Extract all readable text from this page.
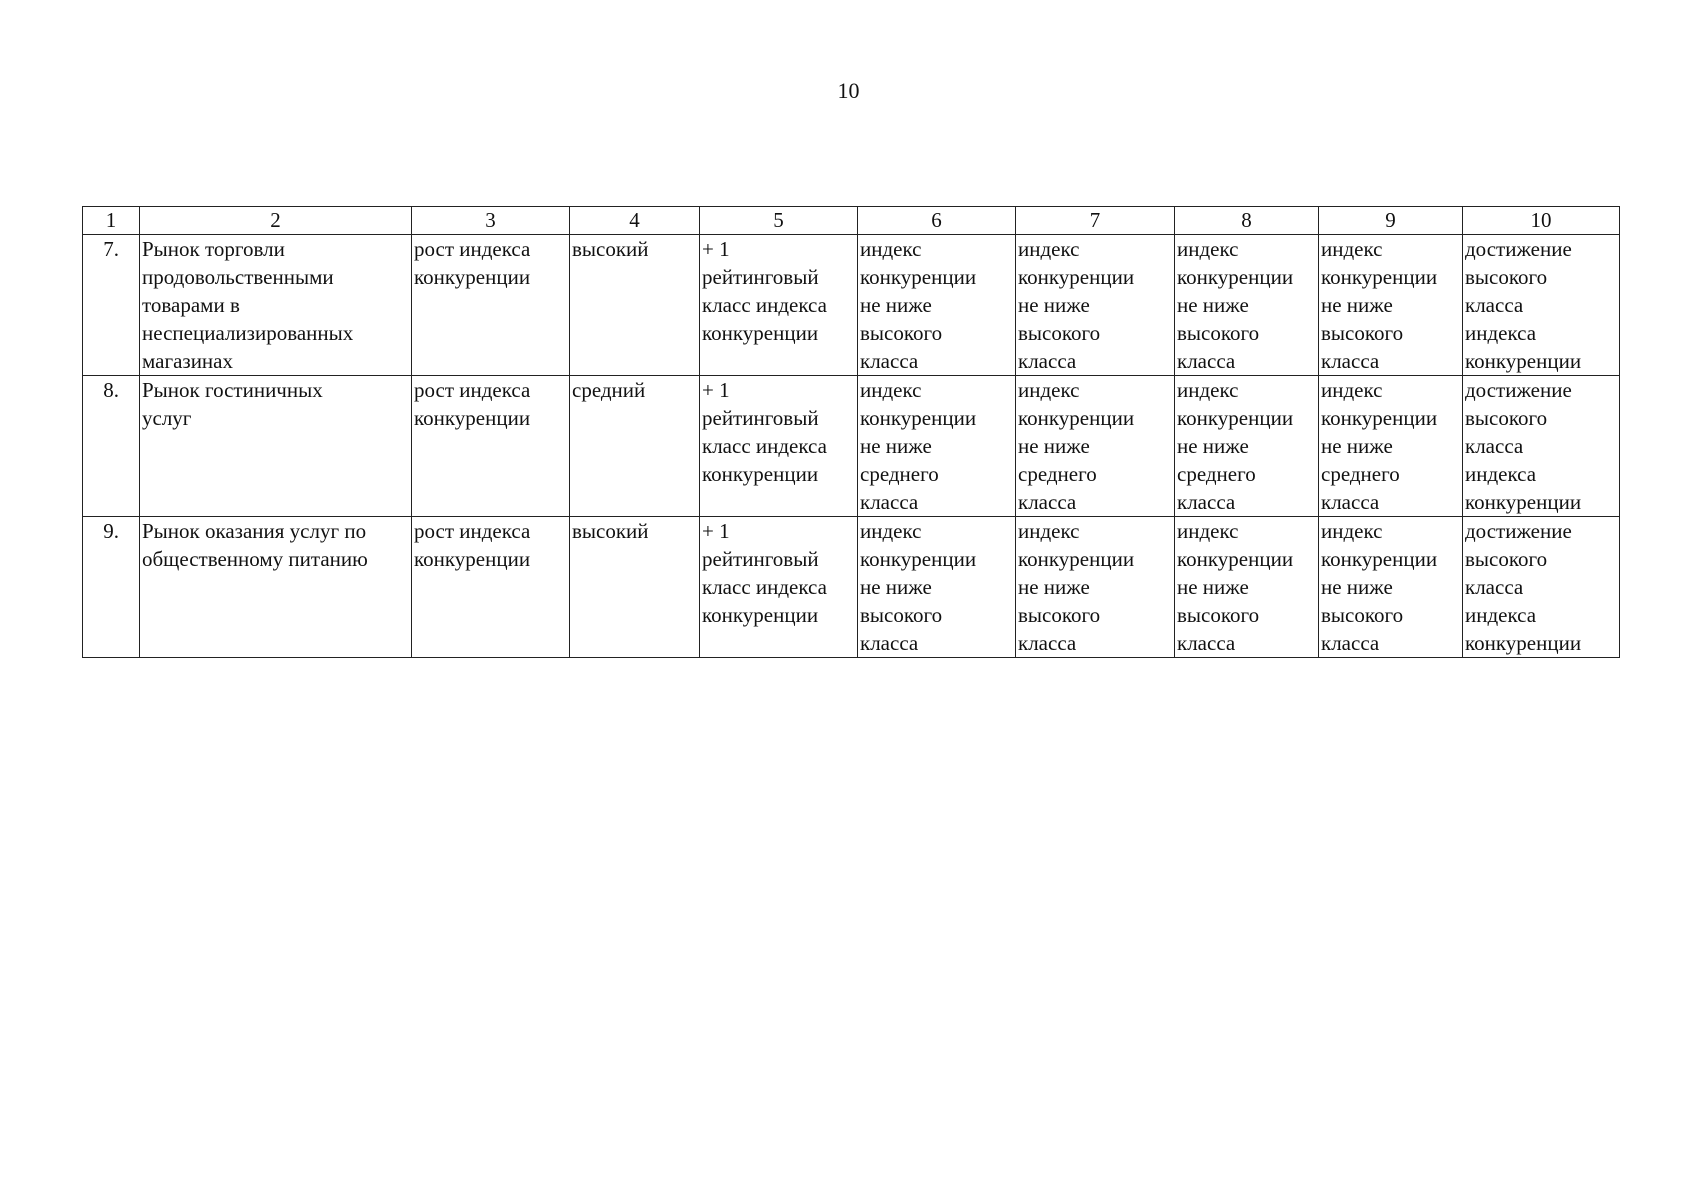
10
1	2	3	4	5	6	7	8	9	10
7.	Рынок торговли
продовольственными
товарами в
неспециализированных
магазинах	рост индекса
конкуренции	высокий	+ 1
рейтинговый
класс индекса
конкуренции	индекс
конкуренции
не ниже
высокого
класса	индекс
конкуренции
не ниже
высокого
класса	индекс
конкуренции
не ниже
высокого
класса	индекс
конкуренции
не ниже
высокого
класса	достижение
высокого
класса
индекса
конкуренции
8.	Рынок гостиничных
услуг	рост индекса
конкуренции	средний	+ 1
рейтинговый
класс индекса
конкуренции	индекс
конкуренции
не ниже
среднего
класса	индекс
конкуренции
не ниже
среднего
класса	индекс
конкуренции
не ниже
среднего
класса	индекс
конкуренции
не ниже
среднего
класса	достижение
высокого
класса
индекса
конкуренции
9.	Рынок оказания услуг по
общественному питанию	рост индекса
конкуренции	высокий	+ 1
рейтинговый
класс индекса
конкуренции	индекс
конкуренции
не ниже
высокого
класса	индекс
конкуренции
не ниже
высокого
класса	индекс
конкуренции
не ниже
высокого
класса	индекс
конкуренции
не ниже
высокого
класса	достижение
высокого
класса
индекса
конкуренции
